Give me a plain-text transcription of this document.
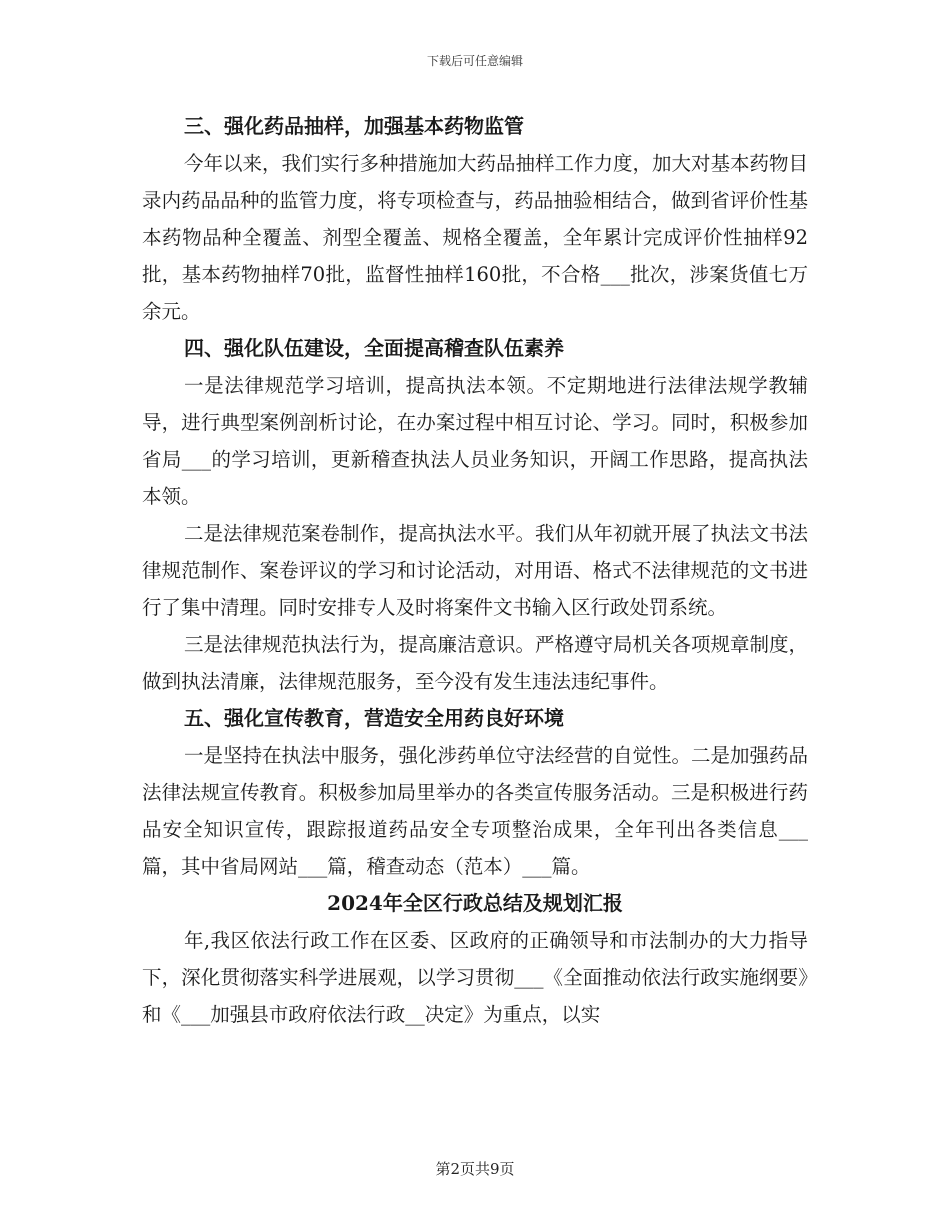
下载后可任意编辑

三、强化药品抽样，加强基本药物监管

今年以来，我们实行多种措施加大药品抽样工作力度，加大对基本药物目录内药品品种的监管力度，将专项检查与，药品抽验相结合，做到省评价性基本药物品种全覆盖、剂型全覆盖、规格全覆盖，全年累计完成评价性抽样92批，基本药物抽样70批，监督性抽样160批，不合格___批次，涉案货值七万余元。

四、强化队伍建设，全面提高稽查队伍素养

一是法律规范学习培训，提高执法本领。不定期地进行法律法规学教辅导，进行典型案例剖析讨论，在办案过程中相互讨论、学习。同时，积极参加省局___的学习培训，更新稽查执法人员业务知识，开阔工作思路，提高执法本领。

二是法律规范案卷制作，提高执法水平。我们从年初就开展了执法文书法律规范制作、案卷评议的学习和讨论活动，对用语、格式不法律规范的文书进行了集中清理。同时安排专人及时将案件文书输入区行政处罚系统。

三是法律规范执法行为，提高廉洁意识。严格遵守局机关各项规章制度，做到执法清廉，法律规范服务，至今没有发生违法违纪事件。

五、强化宣传教育，营造安全用药良好环境

一是坚持在执法中服务，强化涉药单位守法经营的自觉性。二是加强药品法律法规宣传教育。积极参加局里举办的各类宣传服务活动。三是积极进行药品安全知识宣传，跟踪报道药品安全专项整治成果，全年刊出各类信息___篇，其中省局网站___篇，稽查动态（范本）___篇。

2024年全区行政总结及规划汇报

年,我区依法行政工作在区委、区政府的正确领导和市法制办的大力指导下，深化贯彻落实科学进展观，以学习贯彻___《全面推动依法行政实施纲要》和《___加强县市政府依法行政__决定》为重点，以实

第2页共9页
